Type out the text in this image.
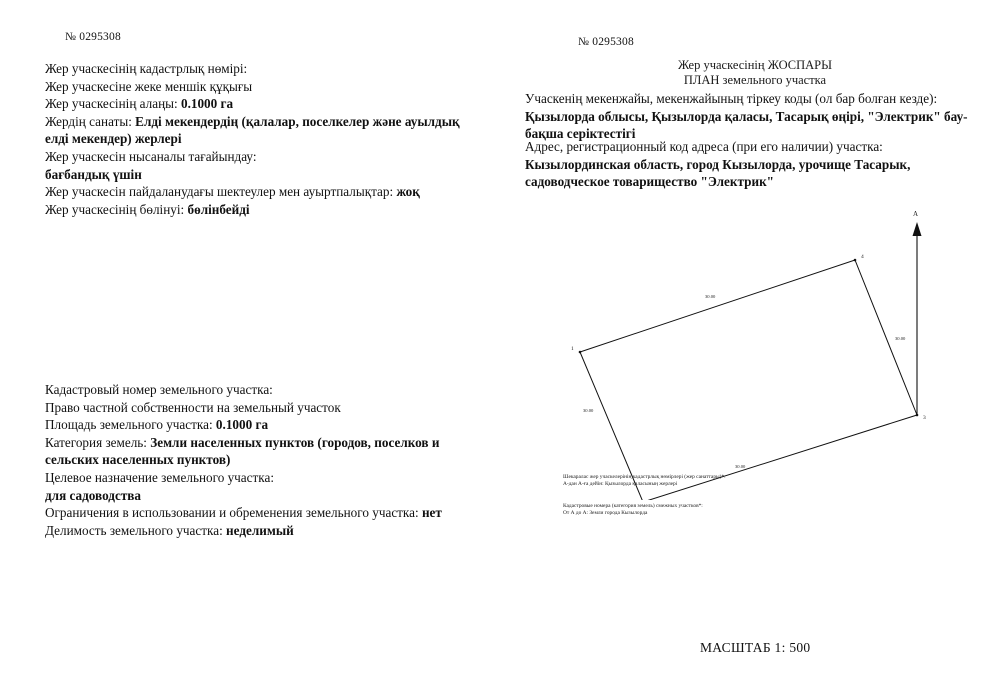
№ 0295308	№ 0295308
Жер учаскесінің кадастрлық нөмірі:
Жер учаскесіне жеке меншік құқығы
Жер учаскесінің алаңы: 0.1000 га
Жердің санаты: Елді мекендердің (қалалар, поселкелер және ауылдық елді мекендер) жерлері
Жер учаскесін нысаналы тағайындау:
бағбандық үшін
Жер учаскесін пайдаланудағы шектеулер мен ауыртпалықтар: жоқ
Жер учаскесінің бөлінуі: бөлінбейді
Кадастровый номер земельного участка:
Право частной собственности на земельный участок
Площадь земельного участка: 0.1000 га
Категория земель: Земли населенных пунктов (городов, поселков и сельских населенных пунктов)
Целевое назначение земельного участка:
для садоводства
Ограничения в использовании и обременения земельного участка: нет
Делимость земельного участка: неделимый
Жер учаскесінің ЖОСПАРЫ
ПЛАН земельного участка
Учаскенің мекенжайы, мекенжайының тіркеу коды (ол бар болған кезде):
Қызылорда облысы, Қызылорда қаласы, Тасарық өңірі, "Электрик" бау-бақша серіктестігі
Адрес, регистрационный код адреса (при его наличии) участка:
Кызылординская область, город Кызылорда, урочище Тасарык, садоводческое товарищество "Электрик"
А
1
3
4
30.00
30.00
30.00
30.00
Шекаралас жер учаскелерінің кадастрлық нөмірлері (жер санаттары)*:
А-дан А-ға дейін: Қызылорда қаласының жерлері
Кадастровые номера (категория земель) смежных участков*:
От А до А: Земли города Кызылорда
МАСШТАБ 1: 500
